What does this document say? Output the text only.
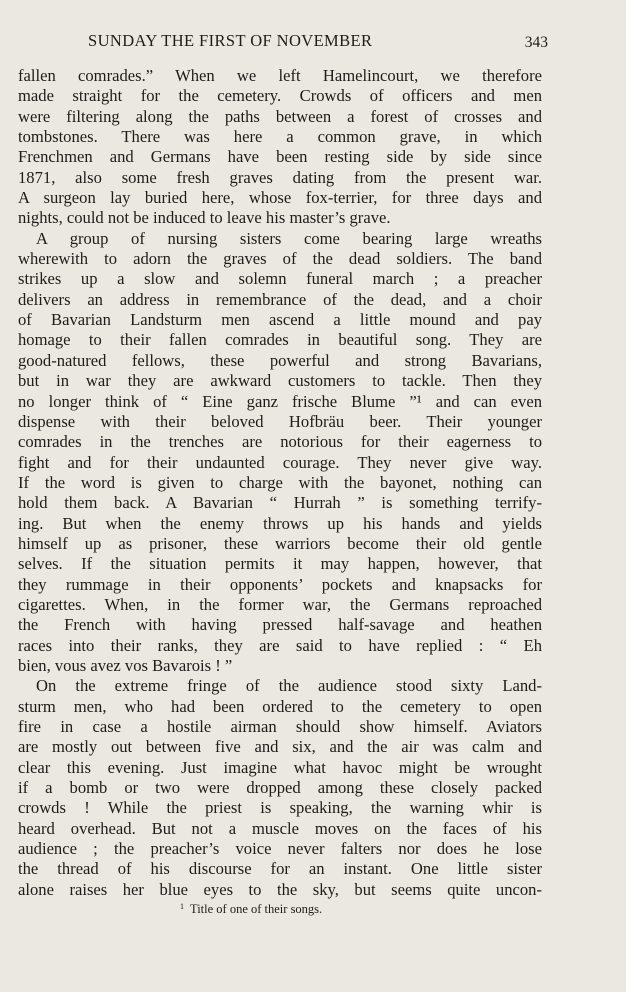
SUNDAY THE FIRST OF NOVEMBER	343
fallen comrades.” When we left Hamelincourt, we therefore
made straight for the cemetery. Crowds of officers and men
were filtering along the paths between a forest of crosses and
tombstones. There was here a common grave, in which
Frenchmen and Germans have been resting side by side since
1871, also some fresh graves dating from the present war.
A surgeon lay buried here, whose fox-terrier, for three days and
nights, could not be induced to leave his master’s grave.
A group of nursing sisters come bearing large wreaths
wherewith to adorn the graves of the dead soldiers. The band
strikes up a slow and solemn funeral march ; a preacher
delivers an address in remembrance of the dead, and a choir
of Bavarian Landsturm men ascend a little mound and pay
homage to their fallen comrades in beautiful song. They are
good-natured fellows, these powerful and strong Bavarians,
but in war they are awkward customers to tackle. Then they
no longer think of “ Eine ganz frische Blume ”¹ and can even
dispense with their beloved Hofbräu beer. Their younger
comrades in the trenches are notorious for their eagerness to
fight and for their undaunted courage. They never give way.
If the word is given to charge with the bayonet, nothing can
hold them back. A Bavarian “ Hurrah ” is something terrify-
ing. But when the enemy throws up his hands and yields
himself up as prisoner, these warriors become their old gentle
selves. If the situation permits it may happen, however, that
they rummage in their opponents’ pockets and knapsacks for
cigarettes. When, in the former war, the Germans reproached
the French with having pressed half-savage and heathen
races into their ranks, they are said to have replied : “ Eh
bien, vous avez vos Bavarois ! ”
On the extreme fringe of the audience stood sixty Land-
sturm men, who had been ordered to the cemetery to open
fire in case a hostile airman should show himself. Aviators
are mostly out between five and six, and the air was calm and
clear this evening. Just imagine what havoc might be wrought
if a bomb or two were dropped among these closely packed
crowds ! While the priest is speaking, the warning whir is
heard overhead. But not a muscle moves on the faces of his
audience ; the preacher’s voice never falters nor does he lose
the thread of his discourse for an instant. One little sister
alone raises her blue eyes to the sky, but seems quite uncon-
$^1$ Title of one of their songs.
